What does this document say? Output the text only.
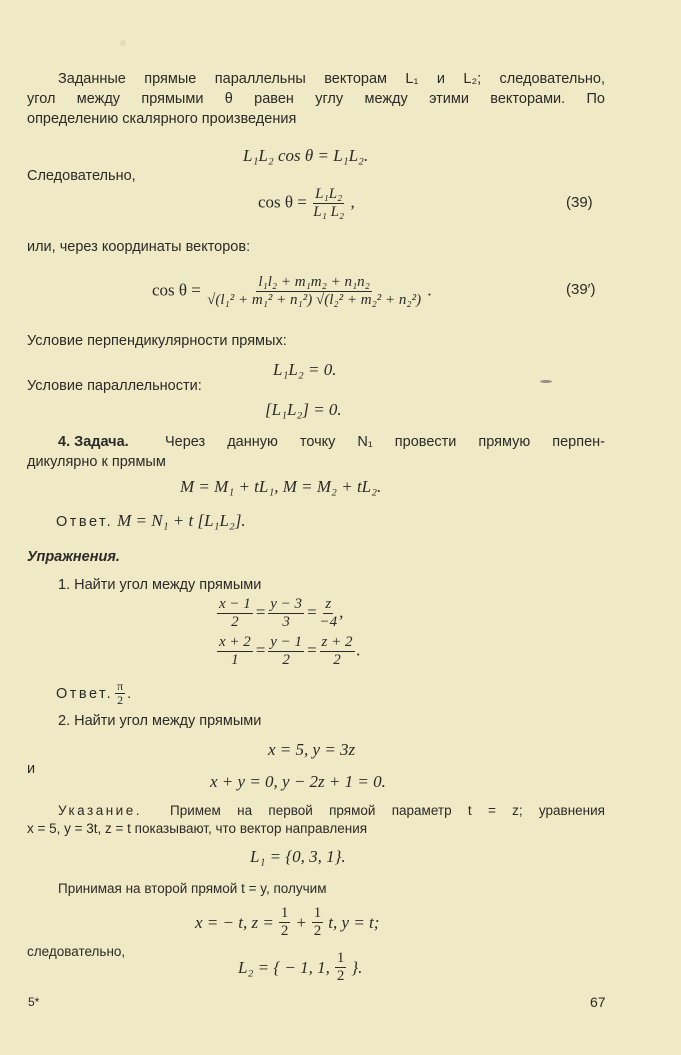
Заданные прямые параллельны векторам L₁ и L₂; следовательно,
угол между прямыми θ равен углу между этими векторами. По
определению скалярного произведения
L₁L₂ cos θ = L₁L₂.
Следовательно,
$\cos \theta = \frac{\text{L₁L₂}}{\text{L₁ L₂}}$ ,	(39)
или, через координаты векторов:
$\cos \theta = \frac{\text{l₁l₂ + m₁m₂ + n₁n₂}}{\text{√(l₁² + m₁² + n₁²) √(l₂² + m₂² + n₂²)}}$ .	(39′)
Условие перпендикулярности прямых:
L₁L₂ = 0.
Условие параллельности:
[L₁L₂] = 0.
4. Задача.	Через данную точку N₁ провести прямую перпен-
дикулярно к прямым
M = M₁ + tL₁, M = M₂ + tL₂.
Ответ. M = N₁ + t [L₁L₂].
Упражнения.
1. Найти угол между прямыми
$\frac{x - 1}{2} = \frac{y - 3}{3} = \frac{z}{-4}$ ,
$\frac{x + 2}{1} = \frac{y - 1}{2} = \frac{z + 2}{2}$ .
Ответ. $\frac{\pi}{2}$ .
2. Найти угол между прямыми
x = 5, y = 3z
и
x + y = 0, y − 2z + 1 = 0.
Указание. Примем на первой прямой параметр t = z; уравнения
x = 5, y = 3t, z = t показывают, что вектор направления
L₁ = {0, 3, 1}.
Принимая на второй прямой t = y, получим
x = − t, $z = \frac{1}{2} + \frac{1}{2} t$, y = t;
следовательно,
L₂ = { − 1, 1, $\frac{1}{2}$ }.
5*	67
